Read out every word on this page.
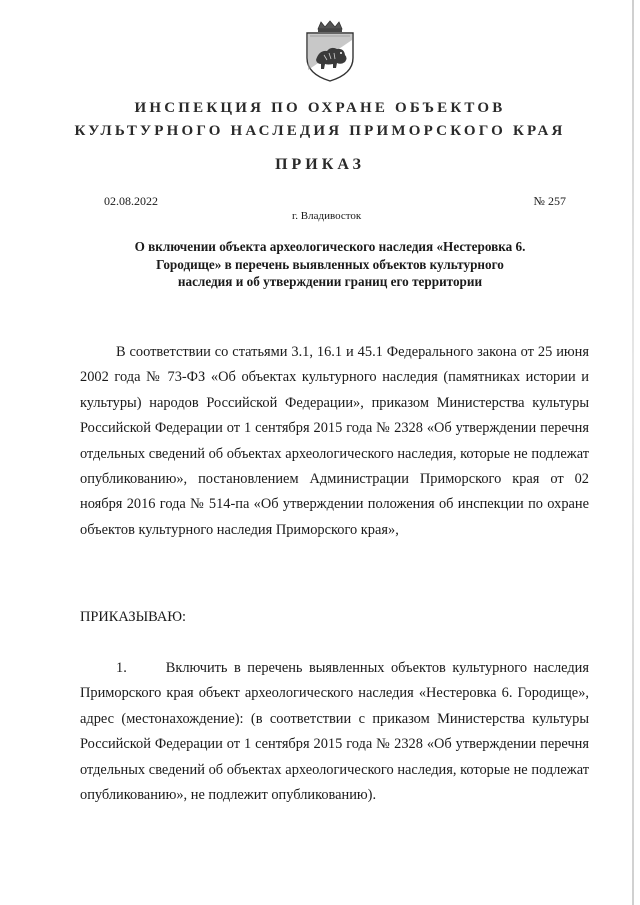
ИНСПЕКЦИЯ ПО ОХРАНЕ ОБЪЕКТОВ
КУЛЬТУРНОГО НАСЛЕДИЯ ПРИМОРСКОГО КРАЯ
ПРИКАЗ
02.08.2022	№ 257
г. Владивосток
О включении объекта археологического наследия «Нестеровка 6. Городище» в перечень выявленных объектов культурного наследия и об утверждении границ его территории
В соответствии со статьями 3.1, 16.1 и 45.1 Федерального закона от 25 июня 2002 года № 73-ФЗ «Об объектах культурного наследия (памятниках истории и культуры) народов Российской Федерации», приказом Министерства культуры Российской Федерации от 1 сентября 2015 года № 2328 «Об утверждении перечня отдельных сведений об объектах археологического наследия, которые не подлежат опубликованию», постановлением Администрации Приморского края от 02 ноября 2016 года № 514-па «Об утверждении положения об инспекции по охране объектов культурного наследия Приморского края»,
ПРИКАЗЫВАЮ:
1.      Включить в перечень выявленных объектов культурного наследия Приморского края объект археологического наследия «Нестеровка 6. Городище», адрес (местонахождение): (в соответствии с приказом Министерства культуры Российской Федерации от 1 сентября 2015 года № 2328 «Об утверждении перечня отдельных сведений об объектах археологического наследия, которые не подлежат опубликованию», не подлежит опубликованию).
